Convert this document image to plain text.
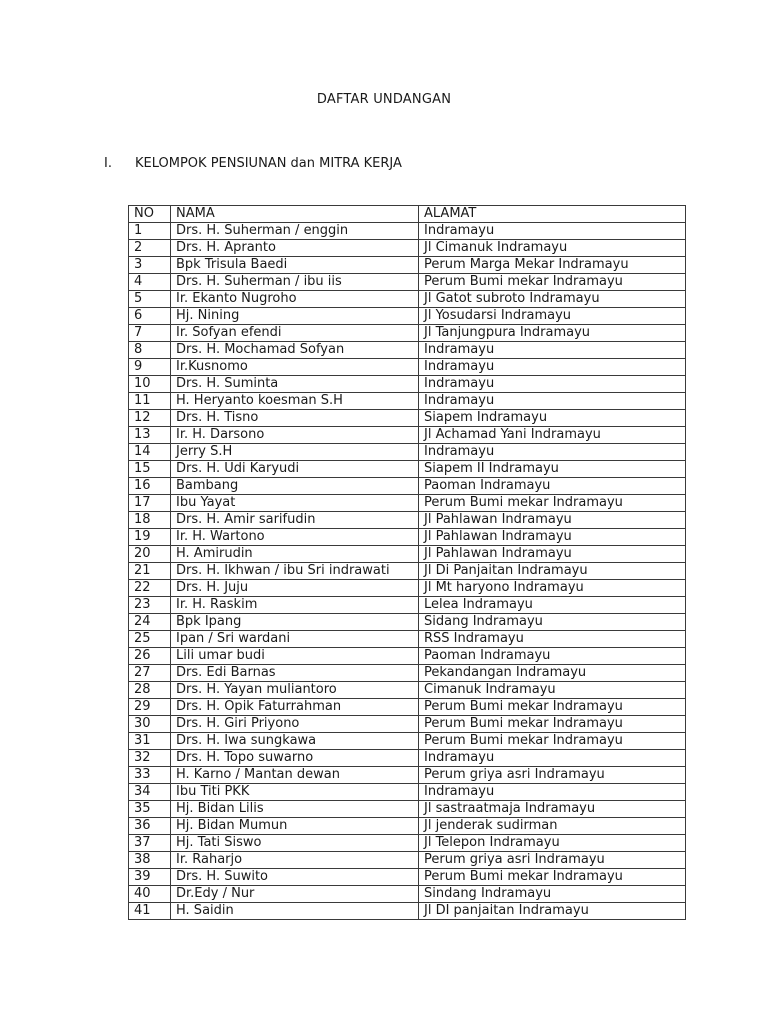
DAFTAR UNDANGAN
I.	KELOMPOK PENSIUNAN dan MITRA KERJA
NO	NAMA	ALAMAT
1	Drs. H. Suherman / enggin	Indramayu
2	Drs. H. Apranto	Jl Cimanuk Indramayu
3	Bpk Trisula Baedi	Perum Marga Mekar Indramayu
4	Drs. H. Suherman / ibu iis	Perum Bumi mekar Indramayu
5	Ir. Ekanto Nugroho	Jl Gatot subroto Indramayu
6	Hj. Nining	Jl Yosudarsi Indramayu
7	Ir. Sofyan efendi	Jl Tanjungpura Indramayu
8	Drs. H. Mochamad Sofyan	Indramayu
9	Ir.Kusnomo	Indramayu
10	Drs. H. Suminta	Indramayu
11	H. Heryanto koesman S.H	Indramayu
12	Drs. H. Tisno	Siapem Indramayu
13	Ir. H. Darsono	Jl Achamad Yani Indramayu
14	Jerry S.H	Indramayu
15	Drs. H. Udi Karyudi	Siapem II Indramayu
16	Bambang	Paoman Indramayu
17	Ibu Yayat	Perum Bumi mekar Indramayu
18	Drs. H. Amir sarifudin	Jl Pahlawan Indramayu
19	Ir. H. Wartono	Jl Pahlawan Indramayu
20	H. Amirudin	Jl Pahlawan Indramayu
21	Drs. H. Ikhwan / ibu Sri indrawati	Jl Di Panjaitan Indramayu
22	Drs. H. Juju	Jl Mt haryono Indramayu
23	Ir. H. Raskim	Lelea Indramayu
24	Bpk Ipang	Sidang Indramayu
25	Ipan / Sri wardani	RSS Indramayu
26	Lili umar budi	Paoman Indramayu
27	Drs. Edi Barnas	Pekandangan Indramayu
28	Drs. H. Yayan muliantoro	Cimanuk Indramayu
29	Drs. H. Opik Faturrahman	Perum Bumi mekar Indramayu
30	Drs. H. Giri Priyono	Perum Bumi mekar Indramayu
31	Drs. H. Iwa sungkawa	Perum Bumi mekar Indramayu
32	Drs. H. Topo suwarno	Indramayu
33	H. Karno / Mantan dewan	Perum griya asri Indramayu
34	Ibu Titi PKK	Indramayu
35	Hj. Bidan Lilis	Jl sastraatmaja Indramayu
36	Hj. Bidan Mumun	Jl jenderak sudirman
37	Hj. Tati Siswo	Jl Telepon Indramayu
38	Ir. Raharjo	Perum griya asri Indramayu
39	Drs. H. Suwito	Perum Bumi mekar Indramayu
40	Dr.Edy / Nur	Sindang Indramayu
41	H. Saidin	Jl DI panjaitan Indramayu
